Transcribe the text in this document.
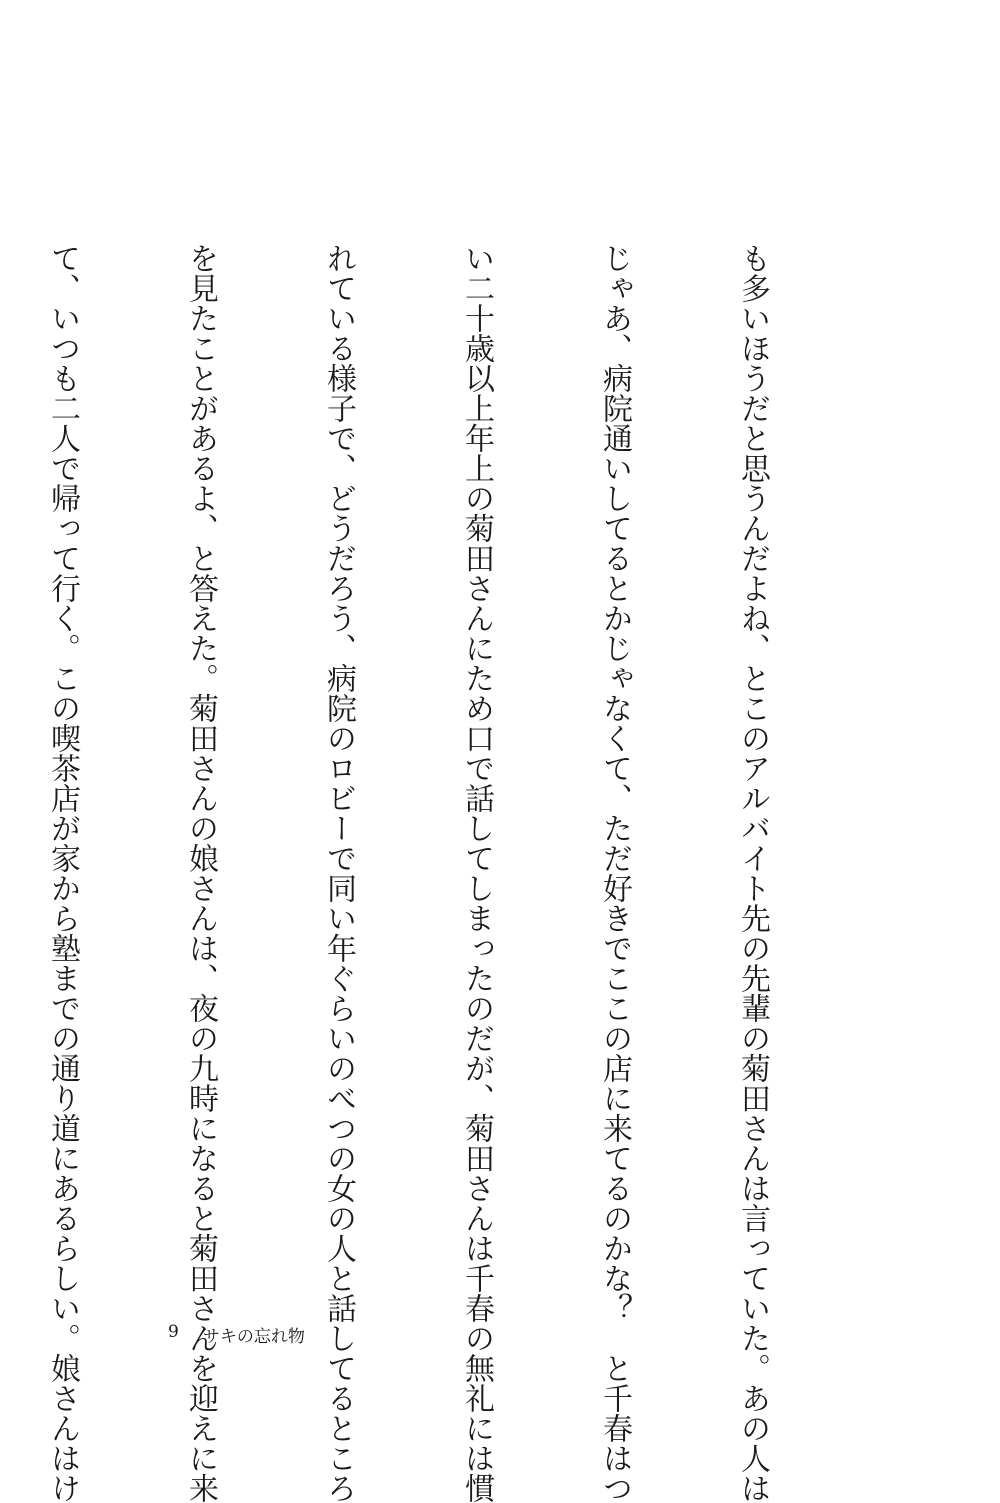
も多いほうだと思うんだよね、とこのアルバイト先の先輩の菊田さんは言っていた。あの人は

じゃあ、病院通いしてるとかじゃなくて、ただ好きでここの店に来てるのかな？　と千春はつ

い二十歳以上年上の菊田さんにため口で話してしまったのだが、菊田さんは千春の無礼には慣

れている様子で、どうだろう、病院のロビーで同い年ぐらいのべつの女の人と話してるところ

を見たことがあるよ、と答えた。菊田さんの娘さんは、夜の九時になると菊田さんを迎えに来

て、いつも二人で帰って行く。この喫茶店が家から塾までの通り道にあるらしい。娘さんはけ

	9 サキの忘れ物
